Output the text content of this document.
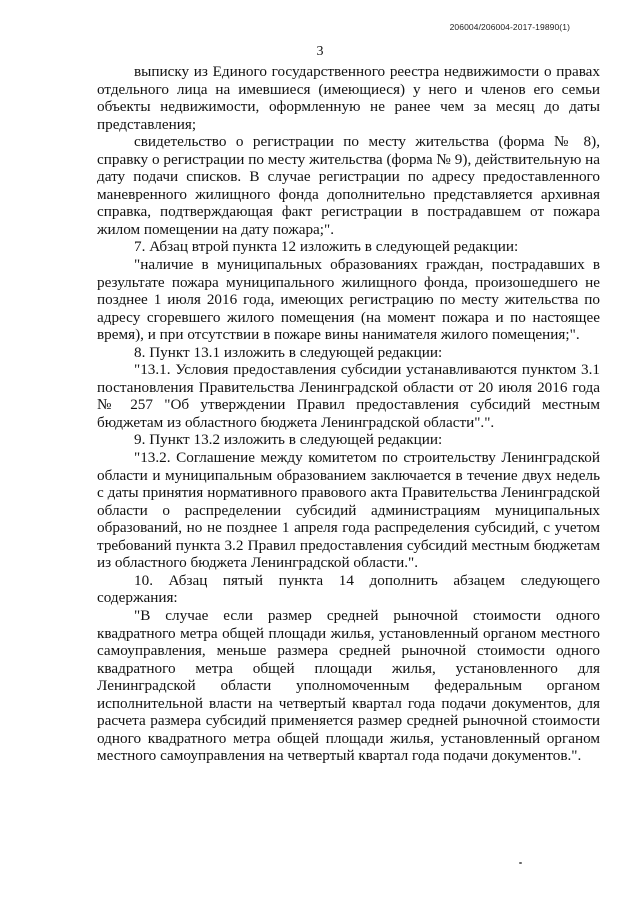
206004/206004-2017-19890(1)
3

выписку из Единого государственного реестра недвижимости о правах отдельного лица на имевшиеся (имеющиеся) у него и членов его семьи объекты недвижимости, оформленную не ранее чем за месяц до даты представления;

свидетельство о регистрации по месту жительства (форма № 8), справку о регистрации по месту жительства (форма № 9), действительную на дату подачи списков. В случае регистрации по адресу предоставленного маневренного жилищного фонда дополнительно представляется архивная справка, подтверждающая факт регистрации в пострадавшем от пожара жилом помещении на дату пожара;".

7. Абзац втрой пункта 12 изложить в следующей редакции:

"наличие в муниципальных образованиях граждан, пострадавших в результате пожара муниципального жилищного фонда, произошедшего не позднее 1 июля 2016 года, имеющих регистрацию по месту жительства по адресу сгоревшего жилого помещения (на момент пожара и по настоящее время), и при отсутствии в пожаре вины нанимателя жилого помещения;".

8. Пункт 13.1 изложить в следующей редакции:

"13.1. Условия предоставления субсидии устанавливаются пунктом 3.1 постановления Правительства Ленинградской области от 20 июля 2016 года № 257 "Об утверждении Правил предоставления субсидий местным бюджетам из областного бюджета Ленинградской области".".

9. Пункт 13.2 изложить в следующей редакции:

"13.2. Соглашение между комитетом по строительству Ленинградской области и муниципальным образованием заключается в течение двух недель с даты принятия нормативного правового акта Правительства Ленинградской области о распределении субсидий администрациям муниципальных образований, но не позднее 1 апреля года распределения субсидий, с учетом требований пункта 3.2 Правил предоставления субсидий местным бюджетам из областного бюджета Ленинградской области.".

10. Абзац пятый пункта 14 дополнить абзацем следующего содержания:

"В случае если размер средней рыночной стоимости одного квадратного метра общей площади жилья, установленный органом местного самоуправления, меньше размера средней рыночной стоимости одного квадратного метра общей площади жилья, установленного для Ленинградской области уполномоченным федеральным органом исполнительной власти на четвертый квартал года подачи документов, для расчета размера субсидий применяется размер средней рыночной стоимости одного квадратного метра общей площади жилья, установленный органом местного самоуправления на четвертый квартал года подачи документов.".
